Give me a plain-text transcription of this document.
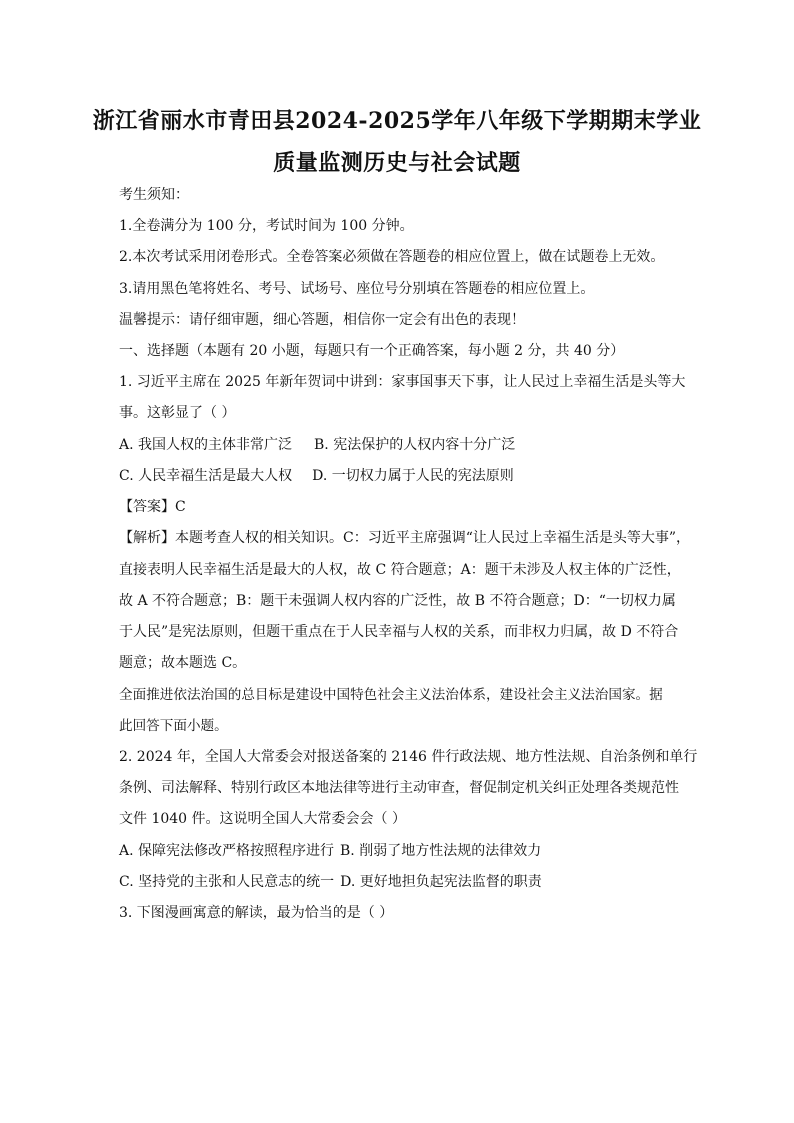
浙江省丽水市青田县2024-2025学年八年级下学期期末学业
质量监测历史与社会试题
考生须知：
1.全卷满分为 100 分，考试时间为 100 分钟。
2.本次考试采用闭卷形式。全卷答案必须做在答题卷的相应位置上，做在试题卷上无效。
3.请用黑色笔将姓名、考号、试场号、座位号分别填在答题卷的相应位置上。
温馨提示：请仔细审题，细心答题，相信你一定会有出色的表现！
一、选择题（本题有 20 小题，每题只有一个正确答案，每小题 2 分，共 40 分）
1. 习近平主席在 2025 年新年贺词中讲到：家事国事天下事，让人民过上幸福生活是头等大
事。这彰显了（ ）
A. 我国人权的主体非常广泛 B. 宪法保护的人权内容十分广泛
C. 人民幸福生活是最大人权 D. 一切权力属于人民的宪法原则
【答案】C
【解析】本题考查人权的相关知识。C：习近平主席强调“让人民过上幸福生活是头等大事”，
直接表明人民幸福生活是最大的人权，故 C 符合题意；A：题干未涉及人权主体的广泛性，
故 A 不符合题意；B：题干未强调人权内容的广泛性，故 B 不符合题意；D：“一切权力属
于人民”是宪法原则，但题干重点在于人民幸福与人权的关系，而非权力归属，故 D 不符合
题意；故本题选 C。
全面推进依法治国的总目标是建设中国特色社会主义法治体系，建设社会主义法治国家。据
此回答下面小题。
2. 2024 年，全国人大常委会对报送备案的 2146 件行政法规、地方性法规、自治条例和单行
条例、司法解释、特别行政区本地法律等进行主动审查，督促制定机关纠正处理各类规范性
文件 1040 件。这说明全国人大常委会会（ ）
A. 保障宪法修改严格按照程序进行 B. 削弱了地方性法规的法律效力
C. 坚持党的主张和人民意志的统一 D. 更好地担负起宪法监督的职责
3. 下图漫画寓意的解读，最为恰当的是（ ）
